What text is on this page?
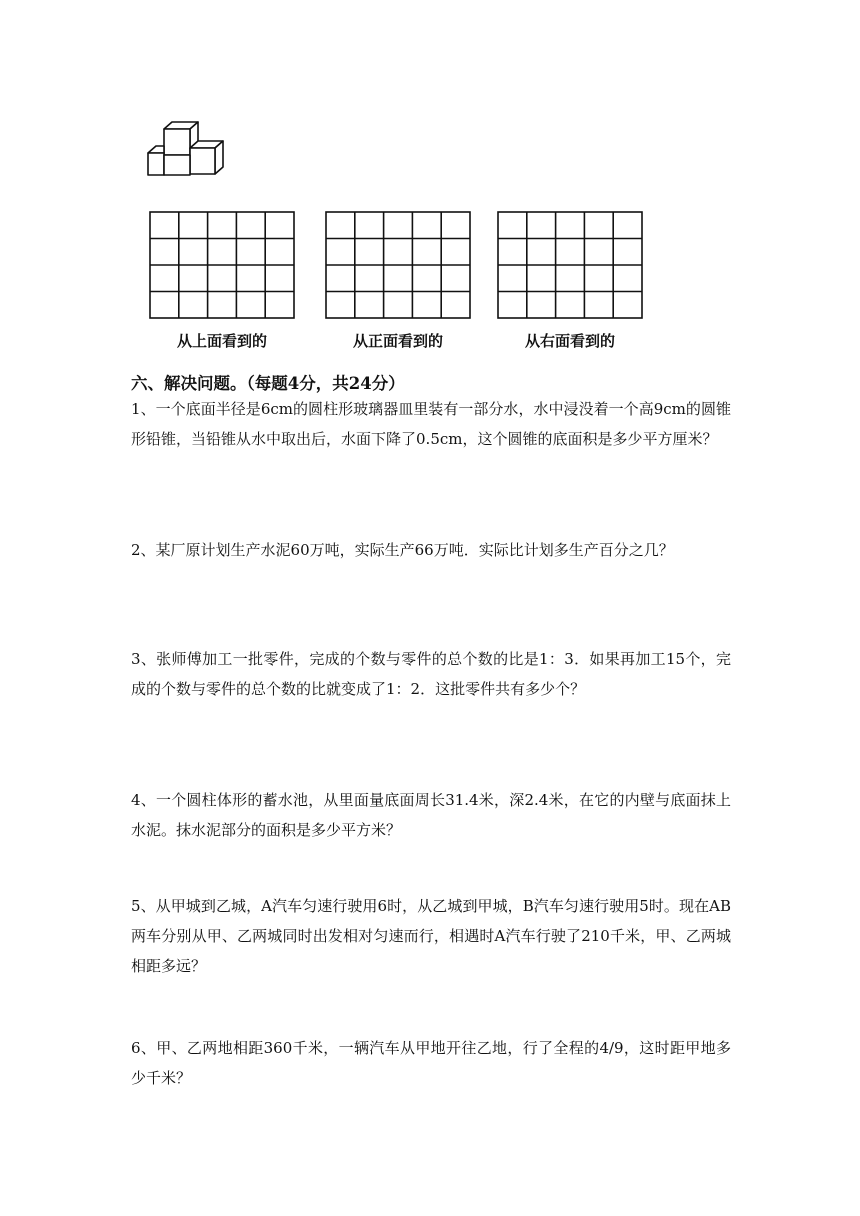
从上面看到的	从正面看到的	从右面看到的
六、解决问题。（每题4分，共24分）

1、一个底面半径是6cm的圆柱形玻璃器皿里装有一部分水，水中浸没着一个高9cm的圆锥形铅锥，当铅锥从水中取出后，水面下降了0.5cm，这个圆锥的底面积是多少平方厘米？

2、某厂原计划生产水泥60万吨，实际生产66万吨．实际比计划多生产百分之几？

3、张师傅加工一批零件，完成的个数与零件的总个数的比是1：3．如果再加工15个，完成的个数与零件的总个数的比就变成了1：2．这批零件共有多少个？

4、一个圆柱体形的蓄水池，从里面量底面周长31.4米，深2.4米，在它的内壁与底面抹上水泥。抹水泥部分的面积是多少平方米？

5、从甲城到乙城，A汽车匀速行驶用6时，从乙城到甲城，B汽车匀速行驶用5时。现在AB两车分别从甲、乙两城同时出发相对匀速而行，相遇时A汽车行驶了210千米，甲、乙两城相距多远？

6、甲、乙两地相距360千米，一辆汽车从甲地开往乙地，行了全程的4/9，这时距甲地多少千米？
